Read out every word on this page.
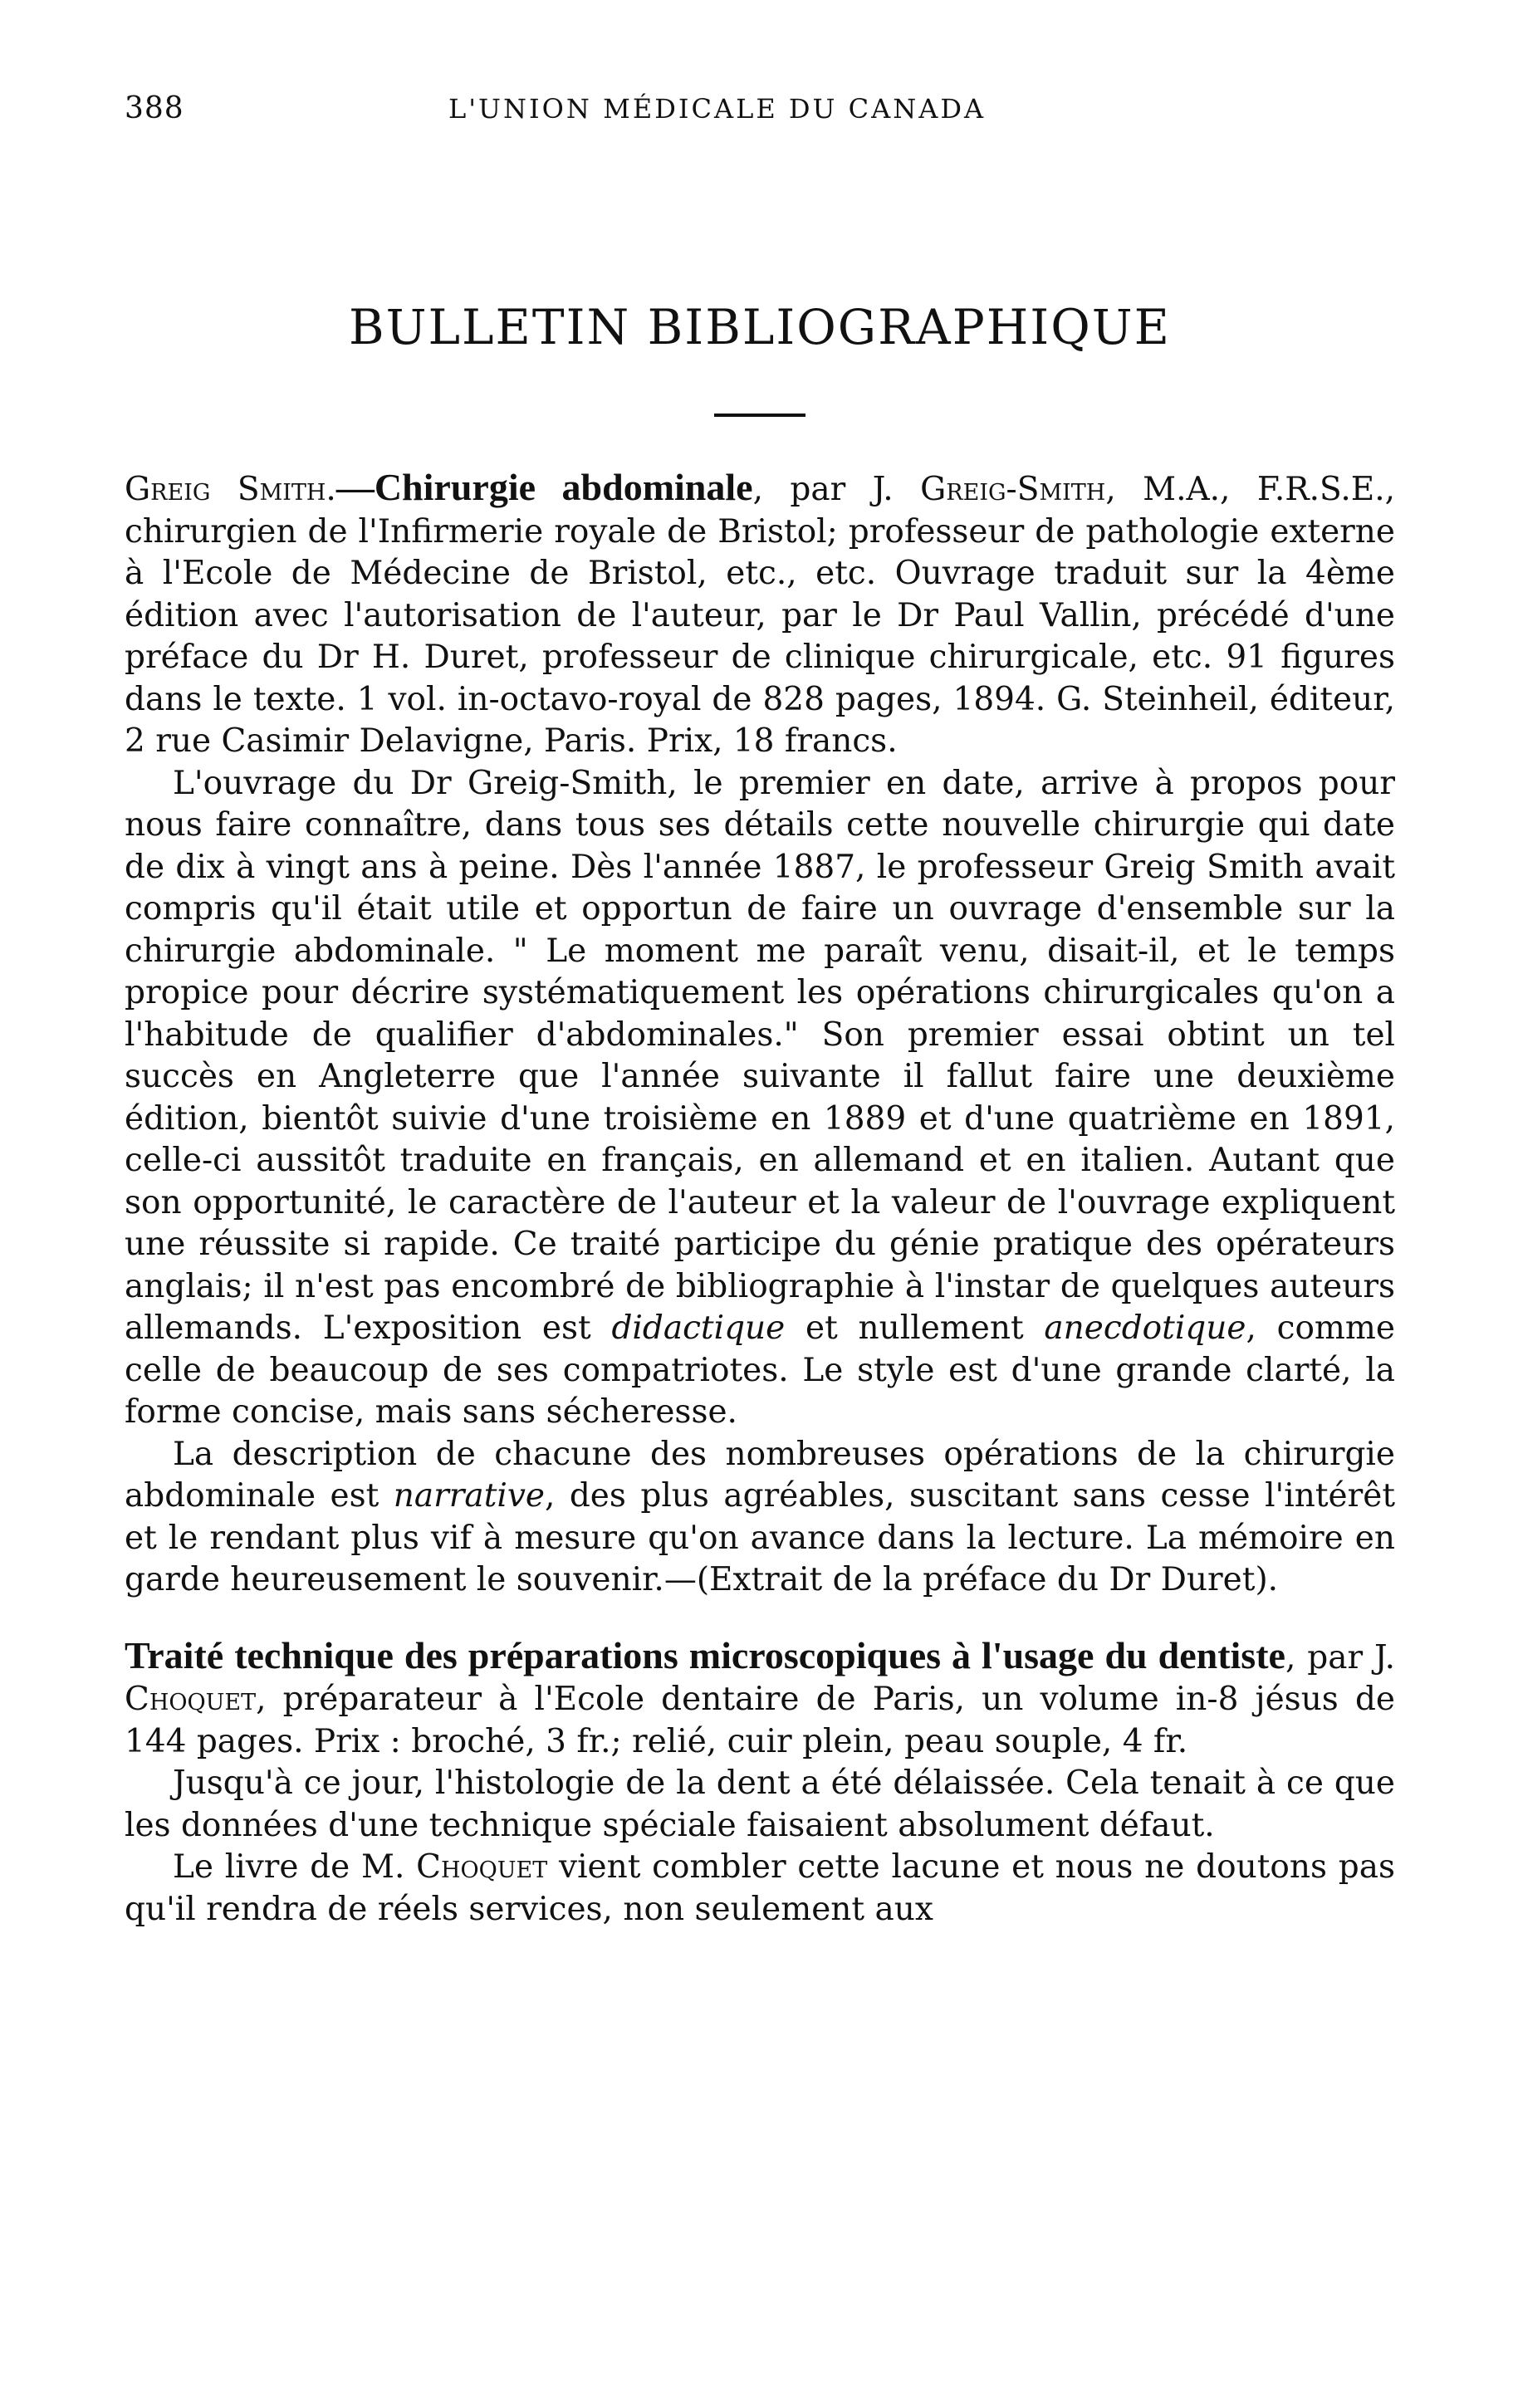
388	L'UNION MÉDICALE DU CANADA
BULLETIN BIBLIOGRAPHIQUE

Greig Smith.—Chirurgie abdominale, par J. Greig-Smith, M.A., F.R.S.E., chirurgien de l'Infirmerie royale de Bristol; professeur de pathologie externe à l'Ecole de Médecine de Bristol, etc., etc. Ouvrage traduit sur la 4ème édition avec l'autorisation de l'auteur, par le Dr Paul Vallin, précédé d'une préface du Dr H. Duret, professeur de clinique chirurgicale, etc. 91 figures dans le texte. 1 vol. in-octavo-royal de 828 pages, 1894. G. Steinheil, éditeur, 2 rue Casimir Delavigne, Paris. Prix, 18 francs.

L'ouvrage du Dr Greig-Smith, le premier en date, arrive à propos pour nous faire connaître, dans tous ses détails cette nouvelle chirurgie qui date de dix à vingt ans à peine. Dès l'année 1887, le professeur Greig Smith avait compris qu'il était utile et opportun de faire un ouvrage d'ensemble sur la chirurgie abdominale. " Le moment me paraît venu, disait-il, et le temps propice pour décrire systématiquement les opérations chirurgicales qu'on a l'habitude de qualifier d'abdominales." Son premier essai obtint un tel succès en Angleterre que l'année suivante il fallut faire une deuxième édition, bientôt suivie d'une troisième en 1889 et d'une quatrième en 1891, celle-ci aussitôt traduite en français, en allemand et en italien. Autant que son opportunité, le caractère de l'auteur et la valeur de l'ouvrage expliquent une réussite si rapide. Ce traité participe du génie pratique des opérateurs anglais; il n'est pas encombré de bibliographie à l'instar de quelques auteurs allemands. L'exposition est didactique et nullement anecdotique, comme celle de beaucoup de ses compatriotes. Le style est d'une grande clarté, la forme concise, mais sans sécheresse.

La description de chacune des nombreuses opérations de la chirurgie abdominale est narrative, des plus agréables, suscitant sans cesse l'intérêt et le rendant plus vif à mesure qu'on avance dans la lecture. La mémoire en garde heureusement le souvenir.—(Extrait de la préface du Dr Duret).

Traité technique des préparations microscopiques à l'usage du dentiste, par J. Choquet, préparateur à l'Ecole dentaire de Paris, un volume in-8 jésus de 144 pages. Prix : broché, 3 fr.; relié, cuir plein, peau souple, 4 fr.

Jusqu'à ce jour, l'histologie de la dent a été délaissée. Cela tenait à ce que les données d'une technique spéciale faisaient absolument défaut.

Le livre de M. Choquet vient combler cette lacune et nous ne doutons pas qu'il rendra de réels services, non seulement aux
